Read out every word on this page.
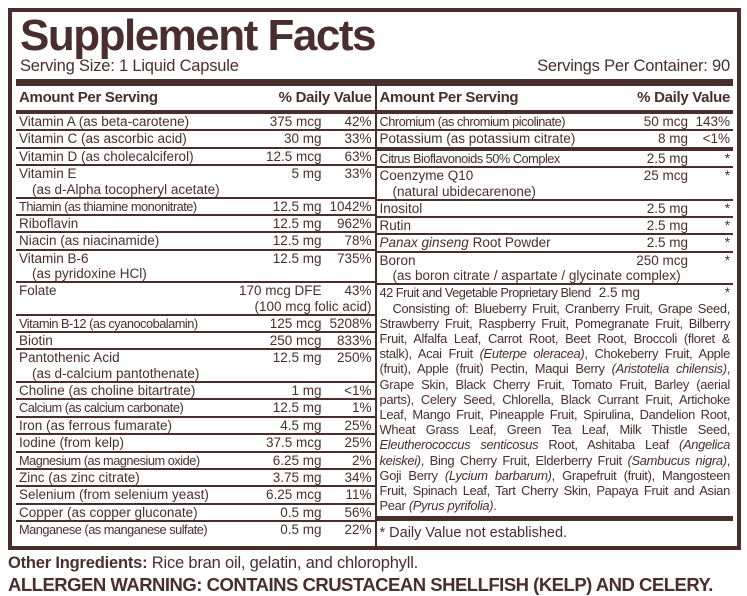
Supplement Facts
Serving Size: 1 Liquid Capsule	Servings Per Container: 90
Amount Per Serving	% Daily Value
Vitamin A (as beta-carotene)	375 mcg	42%
Vitamin C (as ascorbic acid)	30 mg	33%
Vitamin D (as cholecalciferol)	12.5 mcg	63%
Vitamin E	5 mg	33%
(as d-Alpha tocopheryl acetate)
Thiamin (as thiamine mononitrate)	12.5 mg 1042%
Riboflavin	12.5 mg	962%
Niacin (as niacinamide)	12.5 mg	78%
Vitamin B-6	12.5 mg	735%
(as pyridoxine HCl)
Folate	170 mcg DFE	43%
(100 mcg folic acid)
Vitamin B-12 (as cyanocobalamin)	125 mcg 5208%
Biotin	250 mcg	833%
Pantothenic Acid	12.5 mg	250%
(as d-calcium pantothenate)
Choline (as choline bitartrate)	1 mg	<1%
Calcium (as calcium carbonate)	12.5 mg	1%
Iron (as ferrous fumarate)	4.5 mg	25%
Iodine (from kelp)	37.5 mcg	25%
Magnesium (as magnesium oxide)	6.25 mg	2%
Zinc (as zinc citrate)	3.75 mg	34%
Selenium (from selenium yeast)	6.25 mcg	11%
Copper (as copper gluconate)	0.5 mg	56%
Manganese (as manganese sulfate)	0.5 mg	22%
Amount Per Serving	% Daily Value
Chromium (as chromium picolinate)	50 mcg 143%
Potassium (as potassium citrate)	8 mg	<1%
Citrus Bioflavonoids 50% Complex	2.5 mg	*
Coenzyme Q10	25 mcg	*
(natural ubidecarenone)
Inositol	2.5 mg	*
Rutin	2.5 mg	*
Panax ginseng Root Powder	2.5 mg	*
Boron	250 mcg	*
(as boron citrate / aspartate / glycinate complex)
42 Fruit and Vegetable Proprietary Blend 2.5 mg	*

Consisting of: Blueberry Fruit, Cranberry Fruit, Grape Seed, Strawberry Fruit, Raspberry Fruit, Pomegranate Fruit, Bilberry Fruit, Alfalfa Leaf, Carrot Root, Beet Root, Broccoli (floret & stalk), Acai Fruit (Euterpe oleracea), Chokeberry Fruit, Apple (fruit), Apple (fruit) Pectin, Maqui Berry (Aristotelia chilensis), Grape Skin, Black Cherry Fruit, Tomato Fruit, Barley (aerial parts), Celery Seed, Chlorella, Black Currant Fruit, Artichoke Leaf, Mango Fruit, Pineapple Fruit, Spirulina, Dandelion Root, Wheat Grass Leaf, Green Tea Leaf, Milk Thistle Seed, Eleutherococcus senticosus Root, Ashitaba Leaf (Angelica keiskei), Bing Cherry Fruit, Elderberry Fruit (Sambucus nigra), Goji Berry (Lycium barbarum), Grapefruit (fruit), Mangosteen Fruit, Spinach Leaf, Tart Cherry Skin, Papaya Fruit and Asian Pear (Pyrus pyrifolia).

* Daily Value not established.
Other Ingredients: Rice bran oil, gelatin, and chlorophyll.
ALLERGEN WARNING: CONTAINS CRUSTACEAN SHELLFISH (KELP) AND CELERY.
